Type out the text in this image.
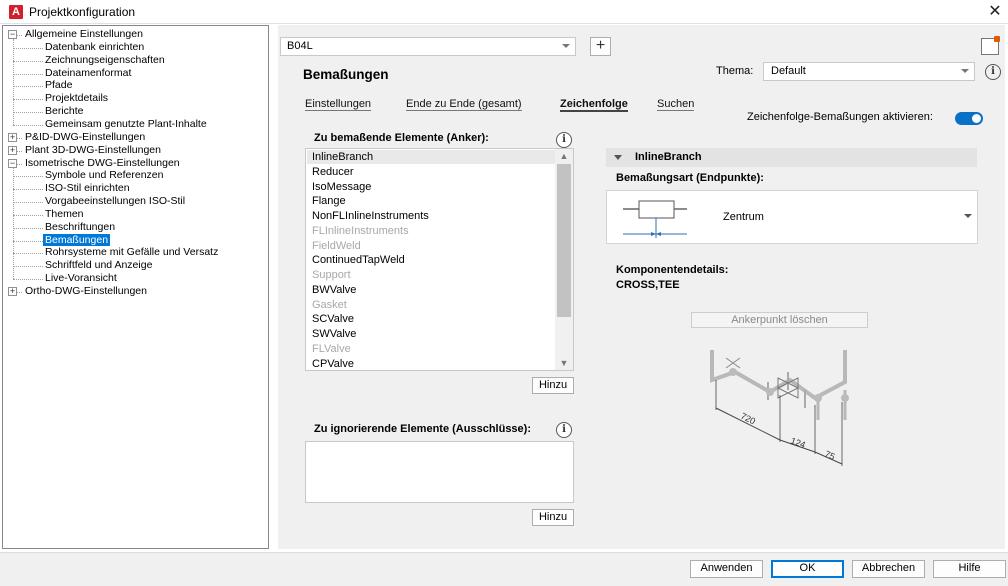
A Projektkonfiguration	✕
− Allgemeine Einstellungen
Datenbank einrichten
Zeichnungseigenschaften
Dateinamenformat
Pfade
Projektdetails
Berichte
Gemeinsam genutzte Plant-Inhalte
+ P&ID-DWG-Einstellungen
+ Plant 3D-DWG-Einstellungen
− Isometrische DWG-Einstellungen
Symbole und Referenzen
ISO-Stil einrichten
Vorgabeeinstellungen ISO-Stil
Themen
Beschriftungen
Bemaßungen
Rohrsysteme mit Gefälle und Versatz
Schriftfeld und Anzeige
Live-Voransicht
+ Ortho-DWG-Einstellungen
B04L	+
Bemaßungen	Thema:	Default	i
Einstellungen	Ende zu Ende (gesamt)	Zeichenfolge	Suchen
Zeichenfolge-Bemaßungen aktivieren:
Zu bemaßende Elemente (Anker):	i
InlineBranch
Reducer
IsoMessage
Flange
NonFLInlineInstruments
FLInlineInstruments
FieldWeld
ContinuedTapWeld
Support
BWValve
Gasket
SCValve
SWValve
FLValve
CPValve
▲
▼
Hinzu
Zu ignorierende Elemente (Ausschlüsse):	i
Hinzu
InlineBranch
Bemaßungsart (Endpunkte):
Zentrum
Komponentendetails:
CROSS,TEE
Ankerpunkt löschen
720
124
75
Anwenden	OK	Abbrechen	Hilfe
